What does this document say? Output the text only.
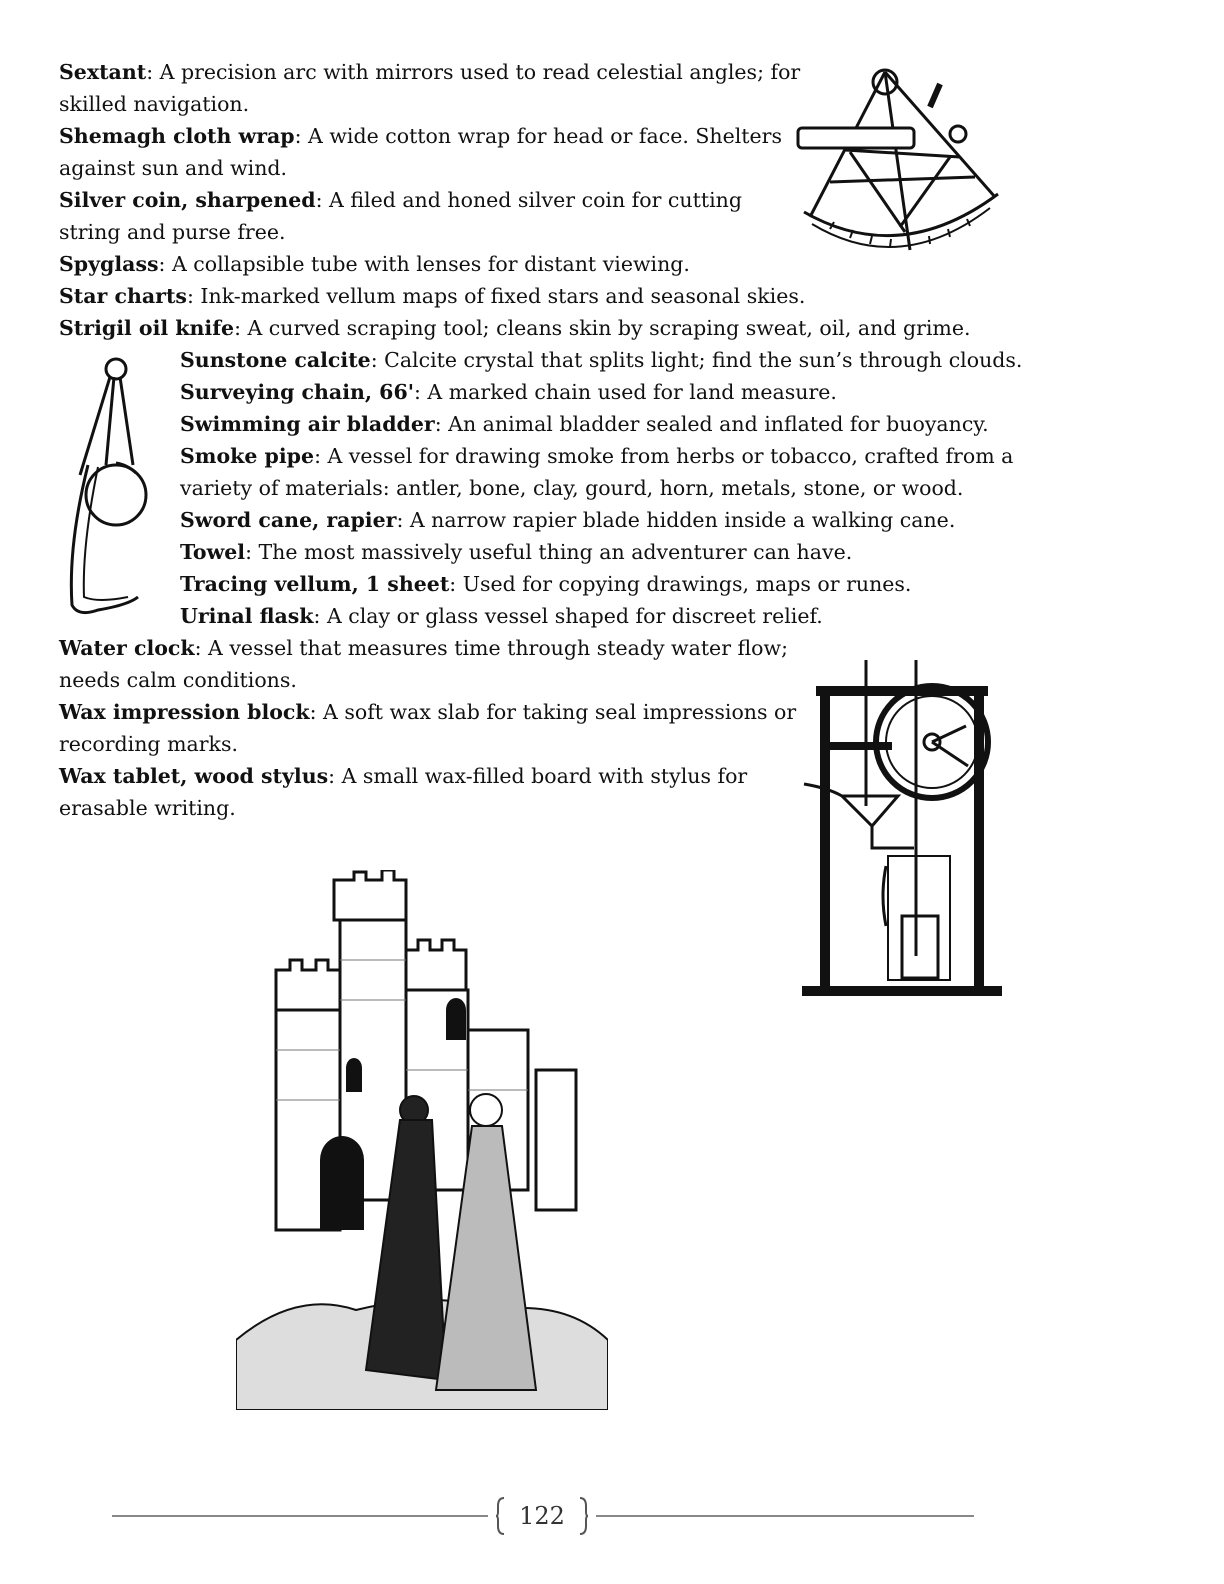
Sextant: A precision arc with mirrors used to read celestial angles; for
skilled navigation.
Shemagh cloth wrap: A wide cotton wrap for head or face. Shelters
against sun and wind.
Silver coin, sharpened: A filed and honed silver coin for cutting
string and purse free.
Spyglass: A collapsible tube with lenses for distant viewing.
Star charts: Ink-marked vellum maps of fixed stars and seasonal skies.
Strigil oil knife: A curved scraping tool; cleans skin by scraping sweat, oil, and grime.
Sunstone calcite: Calcite crystal that splits light; find the sun’s through clouds.
Surveying chain, 66': A marked chain used for land measure.
Swimming air bladder: An animal bladder sealed and inflated for buoyancy.
Smoke pipe: A vessel for drawing smoke from herbs or tobacco, crafted from a
variety of materials: antler, bone, clay, gourd, horn, metals, stone, or wood.
Sword cane, rapier: A narrow rapier blade hidden inside a walking cane.
Towel: The most massively useful thing an adventurer can have.
Tracing vellum, 1 sheet: Used for copying drawings, maps or runes.
Urinal flask: A clay or glass vessel shaped for discreet relief.
Water clock: A vessel that measures time through steady water flow;
needs calm conditions.
Wax impression block: A soft wax slab for taking seal impressions or
recording marks.
Wax tablet, wood stylus: A small wax-filled board with stylus for
erasable writing.
122
